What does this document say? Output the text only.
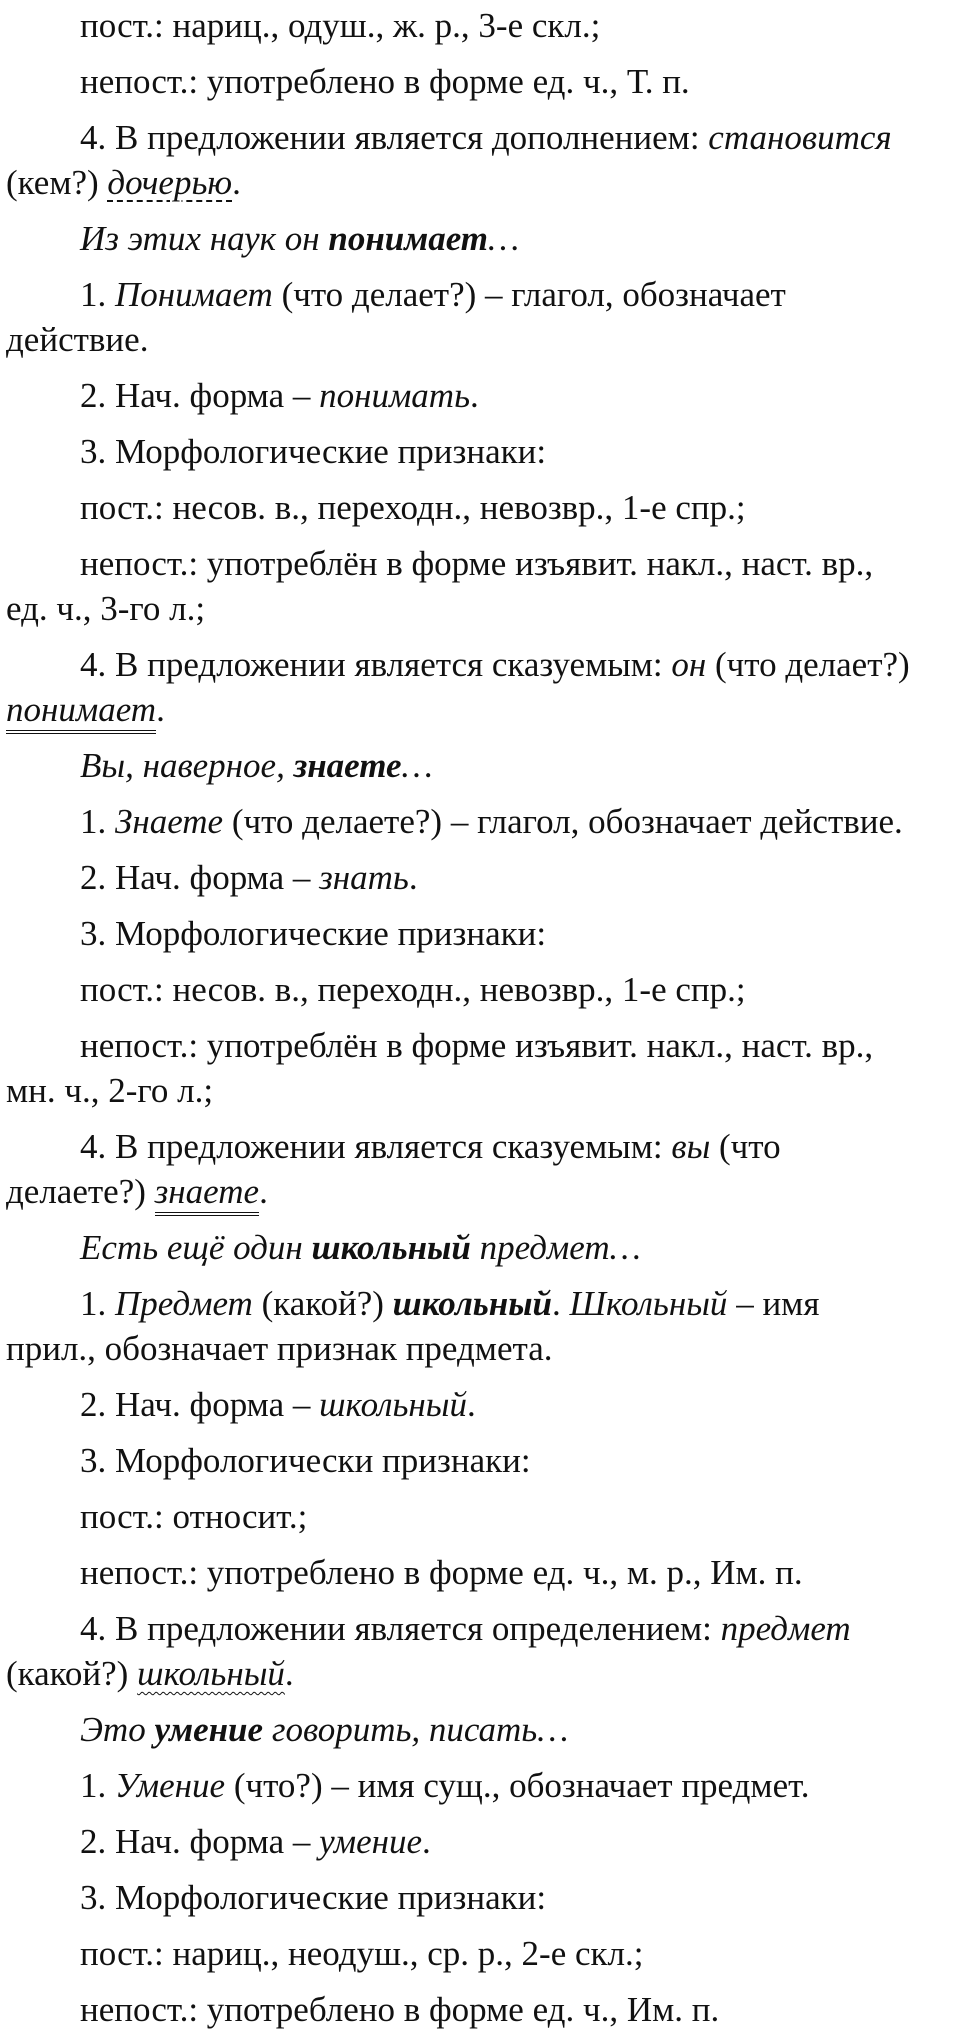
пост.: нариц., одуш., ж. р., 3-е скл.;

непост.: употреблено в форме ед. ч., Т. п.

4. В предложении является дополнением: становится

(кем?) дочерью.

Из этих наук он понимает…

1. Понимает (что делает?) – глагол, обозначает

действие.

2. Нач. форма – понимать.

3. Морфологические признаки:

пост.: несов. в., переходн., невозвр., 1-е спр.;

непост.: употреблён в форме изъявит. накл., наст. вр.,

ед. ч., 3-го л.;

4. В предложении является сказуемым: он (что делает?)

понимает.

Вы, наверное, знаете…

1. Знаете (что делаете?) – глагол, обозначает действие.

2. Нач. форма – знать.

3. Морфологические признаки:

пост.: несов. в., переходн., невозвр., 1-е спр.;

непост.: употреблён в форме изъявит. накл., наст. вр.,

мн. ч., 2-го л.;

4. В предложении является сказуемым: вы (что

делаете?) знаете.

Есть ещё один школьный предмет…

1. Предмет (какой?) школьный. Школьный – имя

прил., обозначает признак предмета.

2. Нач. форма – школьный.

3. Морфологически признаки:

пост.: относит.;

непост.: употреблено в форме ед. ч., м. р., Им. п.

4. В предложении является определением: предмет

(какой?) школьный.

Это умение говорить, писать…

1. Умение (что?) – имя сущ., обозначает предмет.

2. Нач. форма – умение.

3. Морфологические признаки:

пост.: нариц., неодуш., ср. р., 2-е скл.;

непост.: употреблено в форме ед. ч., Им. п.
